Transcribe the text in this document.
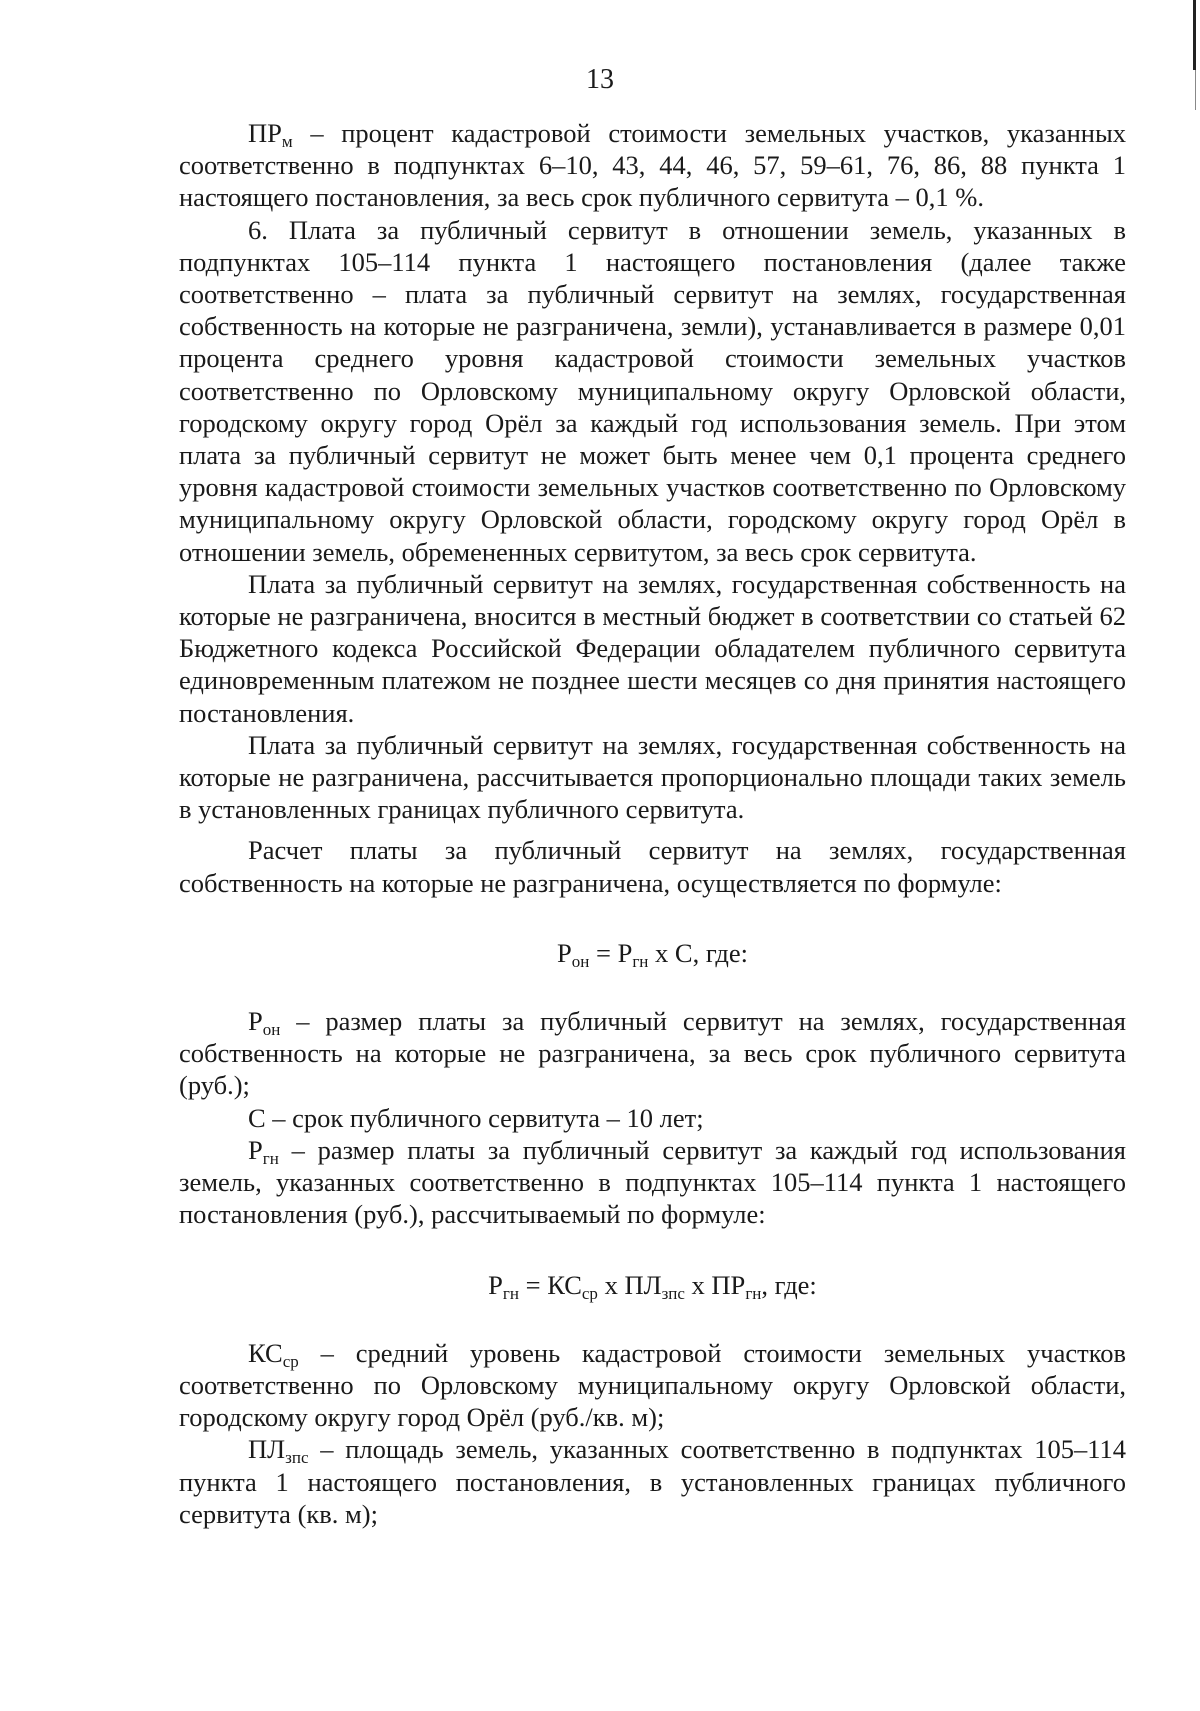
13

$ПР_м$ – процент кадастровой стоимости земельных участков, указанных соответственно в подпунктах 6–10, 43, 44, 46, 57, 59–61, 76, 86, 88 пункта 1 настоящего постановления, за весь срок публичного сервитута – 0,1 %.

6. Плата за публичный сервитут в отношении земель, указанных в подпунктах 105–114 пункта 1 настоящего постановления (далее также соответственно – плата за публичный сервитут на землях, государственная собственность на которые не разграничена, земли), устанавливается в размере 0,01 процента среднего уровня кадастровой стоимости земельных участков соответственно по Орловскому муниципальному округу Орловской области, городскому округу город Орёл за каждый год использования земель. При этом плата за публичный сервитут не может быть менее чем 0,1 процента среднего уровня кадастровой стоимости земельных участков соответственно по Орловскому муниципальному округу Орловской области, городскому округу город Орёл в отношении земель, обремененных сервитутом, за весь срок сервитута.

Плата за публичный сервитут на землях, государственная собственность на которые не разграничена, вносится в местный бюджет в соответствии со статьей 62 Бюджетного кодекса Российской Федерации обладателем публичного сервитута единовременным платежом не позднее шести месяцев со дня принятия настоящего постановления.

Плата за публичный сервитут на землях, государственная собственность на которые не разграничена, рассчитывается пропорционально площади таких земель в установленных границах публичного сервитута.

Расчет платы за публичный сервитут на землях, государственная собственность на которые не разграничена, осуществляется по формуле:

$Р_{он} = Р_{гн}$ х С, где:

$Р_{он}$ – размер платы за публичный сервитут на землях, государственная собственность на которые не разграничена, за весь срок публичного сервитута (руб.);

С – срок публичного сервитута – 10 лет;

$Р_{гн}$ – размер платы за публичный сервитут за каждый год использования земель, указанных соответственно в подпунктах 105–114 пункта 1 настоящего постановления (руб.), рассчитываемый по формуле:

$Р_{гн} = КС_{ср}$ х $ПЛ_{зпс}$ х $ПР_{гн}$, где:

$КС_{ср}$ – средний уровень кадастровой стоимости земельных участков соответственно по Орловскому муниципальному округу Орловской области, городскому округу город Орёл (руб./кв. м);

$ПЛ_{зпс}$ – площадь земель, указанных соответственно в подпунктах 105–114 пункта 1 настоящего постановления, в установленных границах публичного сервитута (кв. м);
